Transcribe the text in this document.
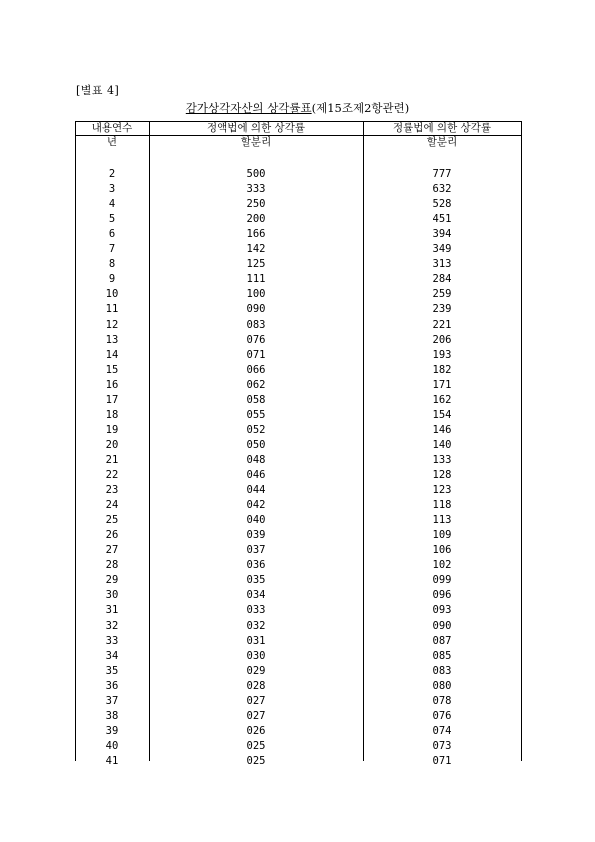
[별표 4]
감가상각자산의 상각률표(제15조제2항관련)
내용연수	정액법에 의한 상각률	정률법에 의한 상각률
년	할분리	할분리
2	500	777
3	333	632
4	250	528
5	200	451
6	166	394
7	142	349
8	125	313
9	111	284
10	100	259
11	090	239
12	083	221
13	076	206
14	071	193
15	066	182
16	062	171
17	058	162
18	055	154
19	052	146
20	050	140
21	048	133
22	046	128
23	044	123
24	042	118
25	040	113
26	039	109
27	037	106
28	036	102
29	035	099
30	034	096
31	033	093
32	032	090
33	031	087
34	030	085
35	029	083
36	028	080
37	027	078
38	027	076
39	026	074
40	025	073
41	025	071
